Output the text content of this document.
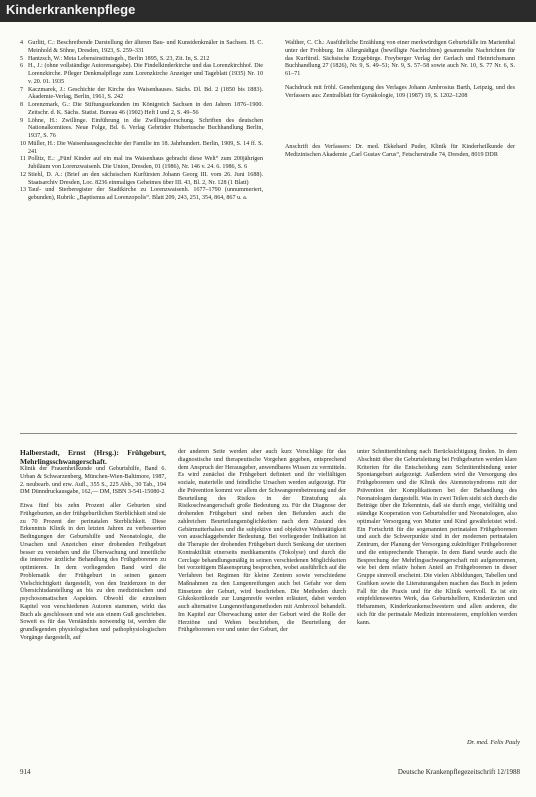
Kinderkrankenpflege
4 Gurlitt, C.: Beschreibende Darstellung der älteren Bau- und Kunstdenkmäler in Sachsen. H. C. Meinhold & Söhne, Dresden, 1923, S. 259–331
5 Hantzsch, W.: Meta Lebensinstitutsgeb., Berlin 1895, S. 23, Zit. In, S. 212
6 H., J.: (ohne vollständige Autorenangabe). Die Findelkinderkirche und das Lorenzkirchhof. Die Lorenzkirche. Pfleger Denkmalpflege zum Lorenzkirche Anzeiger und Tageblatt (1935) Nr. 10 v. 20. 01. 1935
7 Kaczmarek, J.: Geschichte der Kirche des Waisenhauses. Sächs. Dl. Bd. 2 (1850 bis 1883). Akademie-Verlag, Berlin, 1961, S. 242
8 Lorenzmark, G.: Die Stiftungsurkunden im Königreich Sachsen in den Jahren 1876–1900. Zeitschr. d. K. Sächs. Statist. Bureau 46 (1902) Heft I und 2, S. 49–56
9 Löhne, H.: Zwillinge. Einführung in die Zwillingsforschung. Schriften des deutschen Nationalkomitees. Neue Folge, Bd. 6. Verlag Gebrüder Hubertusche Buchhandlung Berlin, 1937, S. 76
10 Müller, H.: Die Waisenhausgeschichte der Familie im 18. Jahrhundert. Berlin, 1909, S. 14 ff. S. 241
11 Pollitz, E.: „Fünf Kinder auf ein mal ins Waisenhaus gebracht diese Welt“ zum 200jährigen Jubiläum von Lorenzwaisenh. Die Union, Dresden, 01 (1986), Nr. 146 v. 24. 6. 1986, S. 6
12 Stiehl, D. A.: (Brief an den sächsischen Kurfürsten Johann Georg III. vom 26. Juni 1688). Staatsarchiv Dresden, Loc. 8236 einmaliges Geheimes über III. 43, Bl. 2, Nr. 128 (1 Blatt)
13 Tauf- und Sterberegister der Stadtkirche zu Lorenzwaisenh. 1677–1790 (unnummeriert, gebunden), Rubrik: „Baptismus ad Lorenzopolis“. Blatt 209, 243, 251, 354, 864, 867 u. a.

Walther, C. Ch.: Ausführliche Erzählung von einer merkwürdigen Geburtsfälle im Marienthal unter der Frohburg. Im Allergnädigst (bewilligte Nachrichten) gesammelte Nachrichten für das Kurfürstl. Sächsische Erzgebürge. Freyberger Verlag der Gerlach und Heinrichsmann Buchhandlung 27 (1826), Nr. 9, S. 49–51; Nr. 9, S. 57–58 sowie auch Nr. 10, S. 77 Nr. 6, S. 61–71

Nachdruck mit fröhl. Genehmigung des Verlages Johann Ambrosius Barth, Leipzig, und des Verfassers aus: Zentralblatt für Gynäkologie, 109 (1987) 19, S. 1202–1208

Anschrift des Verfassers: Dr. med. Ekkehard Puder, Klinik für Kinderheilkunde der Medizinischen Akademie „Carl Gustav Carus“, Fetscherstraße 74, Dresden, 8019 DDR

Halberstadt, Ernst (Hrsg.): Frühgeburt, Mehrlingsschwangerschaft.

Klinik der Frauenheilkunde und Geburtshilfe, Band 6. Urban & Schwarzenberg, München-Wien-Baltimore, 1987, 2. neubearb. und erw. Aufl., 355 S., 225 Abb., 30 Tab., 194 DM Dünndruckausgabe, 162,— DM, ISBN 3-541-15080-2

Etwa fünf bis zehn Prozent aller Geburten sind Frühgeburten, an der frühgeburtlichen Sterblichkeit sind sie zu 70 Prozent der perinatalen Sterblichkeit. Diese Erkenntnis Klinik in den letzten Jahren zu verbesserten Bedingungen der Geburtshilfe und Neonatologie, die Ursachen und Anzeichen einer drohenden Frühgeburt besser zu verstehen und die Überwachung und inneitliche die intensive ärztliche Behandlung des Frühgeborenen zu optimieren. In dem vorliegenden Band wird die Problematik der Frühgeburt in seinen ganzen Vielschichtigkeit dargestellt, von den Inzidenzen in der Übersichtsdarstellung an bis zu den medizinischen und psychosomatischen Aspekten. Obwohl die einzelnen Kapitel von verschiedenen Autoren stammen, wirkt das Buch als geschlossen und wie aus einem Guß geschrieben. Soweit es für das Verständnis notwendig ist, werden die grundlegenden physiologischen und pathophysiologischen Vorgänge dargestellt, auf

der anderen Seite werden aber auch kurz Vorschläge für das diagnostische und therapeutische Vorgehen gegeben, entsprechend dem Anspruch der Herausgeber, anwendbares Wissen zu vermitteln. Es wird zunächst die Frühgeburt definiert und ihr vielfältigen soziale, materielle und feindliche Ursachen werden aufgezeigt. Für die Prävention kommt vor allem der Schwangerenbetreuung und der Beurteilung des Risikos in der Einstufung als Risikoschwangerschaft große Bedeutung zu. Für die Diagnose der drohenden Frühgeburt sind neben den Befunden auch die zahlreichen Beurteilungsmöglichkeiten nach dem Zustand des Gebärmutterhalses und die subjektive und objektive Wehentätigkeit von ausschlaggebender Bedeutung. Bei vorliegender Indikation ist die Therapie der drohenden Frühgeburt durch Senkung der uterinen Kontraktilität einerseits medikamentös (Tokolyse) und durch die Cerclage behandlungsmäßig in seinen verschiedenen Möglichkeiten bei vorzeitigem Blasensprung besprochen, wobei ausführlich auf die Verfahren bei Regimen für kleine Zentren sowie verschiedene Maßnahmen zu den Lungenreifungen auch bei Gefahr vor dem Einsetzen der Geburt, wird beschrieben. Die Methoden durch Glukokortikoide zur Lungenreife werden erläutert, dabei werden auch alternative Lungenreifungsmethoden mit Ambroxol behandelt. Im Kapitel zur Überwachung unter der Geburt wird die Rolle der Herztöne und Wehen beschrieben, die Beurteilung der Frühgeborenen vor und unter der Geburt, der

unter Schnittentbindung nach Berücksichtigung finden. In dem Abschnitt über die Geburtsleitung bei Frühgeburten werden klare Kriterien für die Entscheidung zum Schnittentbindung unter Spontangeburt aufgezeigt. Außerdem wird die Versorgung des Frühgeborenen und die Klinik des Atemnotsyndroms mit der Prävention der Komplikationen bei der Behandlung des Neonatologen dargestellt. Was in zwei Teilen sieht sich durch die Beiträge über die Erkenntnis, daß sie durch enge, vielfältig und ständige Kooperation von Geburtshelfer und Neonatologen, also optimaler Versorgung von Mutter und Kind gewährleistet wird. Ein Fortschritt für die sogenannten perinatalen Frühgeborenen und auch die Schwerpunkte sind in der modernen perinatalen Zentrum, der Planung der Versorgung zukünftiger Frühgeborener und die entsprechende Therapie. In dem Band wurde auch die Besprechung der Mehrlingsschwangerschaft mit aufgenommen, wie bei dem relativ hohen Anteil an Frühgeborenen in dieser Gruppe sinnvoll erscheint. Die vielen Abbildungen, Tabellen und Grafiken sowie die Literaturangaben machen das Buch in jedem Fall für die Praxis und für die Klinik wertvoll. Es ist ein empfehlenswertes Werk, das Geburtshelfern, Kinderärzten und Hebammen, Kinderkrankenschwestern und allen anderen, die sich für die perinatale Medizin interessieren, empfohlen werden kann.

Dr. med. Felix Pauly
914	Deutsche Krankenpflegezeitschrift 12/1988
